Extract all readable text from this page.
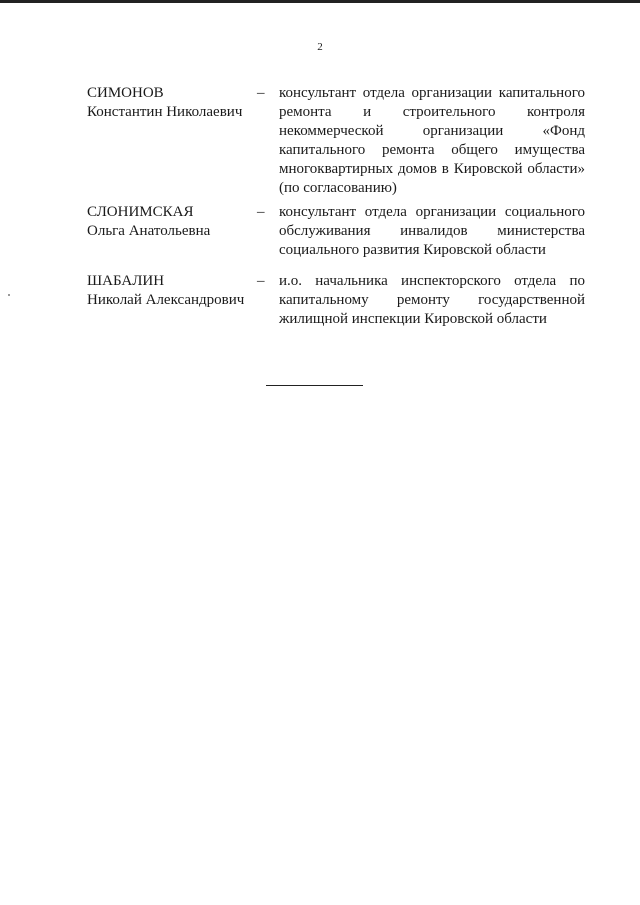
2
СИМОНОВ
Константин Николаевич
– консультант отдела организации капитального
ремонта и строительного контроля
некоммерческой организации «Фонд
капитального ремонта общего имущества
многоквартирных домов в Кировской области»
(по согласованию)
СЛОНИМСКАЯ
Ольга Анатольевна
– консультант отдела организации социального
обслуживания инвалидов министерства
социального развития Кировской области
ШАБАЛИН
Николай Александрович
– и.о. начальника инспекторского отдела по
капитальному ремонту государственной
жилищной инспекции Кировской области
